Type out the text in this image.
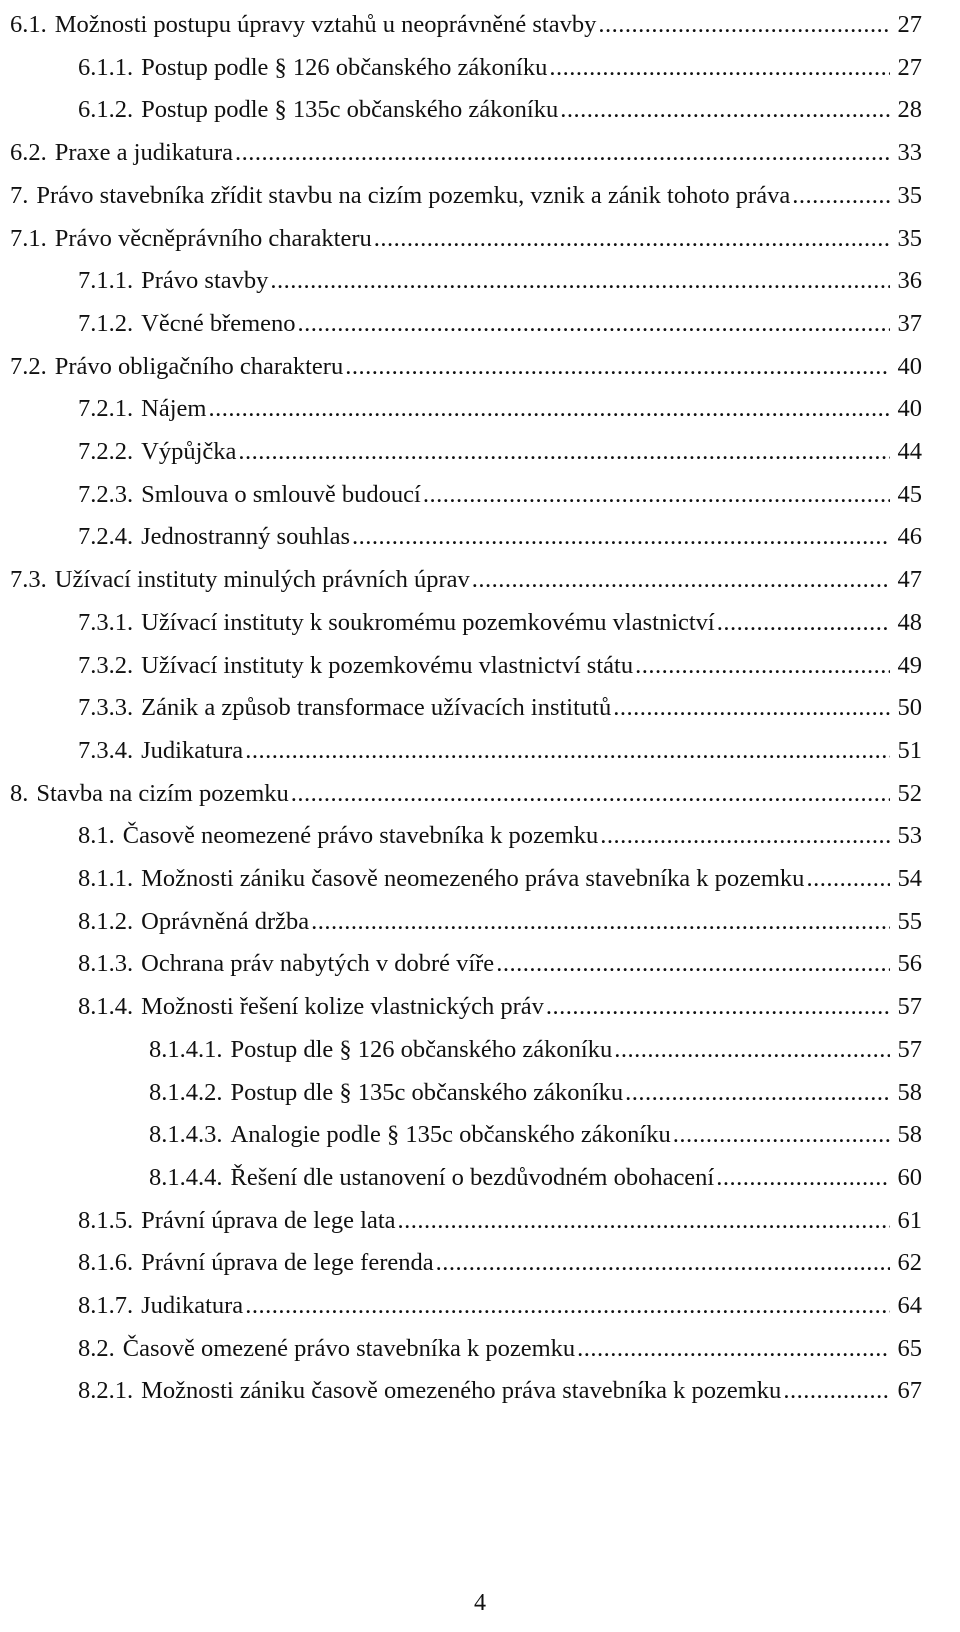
6.1. Možnosti postupu úpravy vztahů u neoprávněné stavby .....	27
6.1.1. Postup podle § 126 občanského zákoníku .....	27
6.1.2. Postup podle § 135c občanského zákoníku .....	28
6.2. Praxe a judikatura .....	33
7. Právo stavebníka zřídit stavbu na cizím pozemku, vznik a zánik tohoto práva .....	35
7.1. Právo věcněprávního charakteru .....	35
7.1.1. Právo stavby .....	36
7.1.2. Věcné břemeno .....	37
7.2. Právo obligačního charakteru .....	40
7.2.1. Nájem .....	40
7.2.2. Výpůjčka .....	44
7.2.3. Smlouva o smlouvě budoucí .....	45
7.2.4. Jednostranný souhlas .....	46
7.3. Užívací instituty minulých právních úprav .....	47
7.3.1. Užívací instituty k soukromému pozemkovému vlastnictví .....	48
7.3.2. Užívací instituty k pozemkovému vlastnictví státu .....	49
7.3.3. Zánik a způsob transformace užívacích institutů .....	50
7.3.4. Judikatura .....	51
8. Stavba na cizím pozemku .....	52
8.1. Časově neomezené právo stavebníka k pozemku .....	53
8.1.1. Možnosti zániku časově neomezeného práva stavebníka k pozemku .....	54
8.1.2. Oprávněná držba .....	55
8.1.3. Ochrana práv nabytých v dobré víře .....	56
8.1.4. Možnosti řešení kolize vlastnických práv .....	57
8.1.4.1. Postup dle § 126 občanského zákoníku .....	57
8.1.4.2. Postup dle § 135c občanského zákoníku .....	58
8.1.4.3. Analogie podle § 135c občanského zákoníku .....	58
8.1.4.4. Řešení dle ustanovení o bezdůvodném obohacení .....	60
8.1.5. Právní úprava de lege lata .....	61
8.1.6. Právní úprava de lege ferenda .....	62
8.1.7. Judikatura .....	64
8.2. Časově omezené právo stavebníka k pozemku .....	65
8.2.1. Možnosti zániku časově omezeného práva stavebníka k pozemku .....	67
4
